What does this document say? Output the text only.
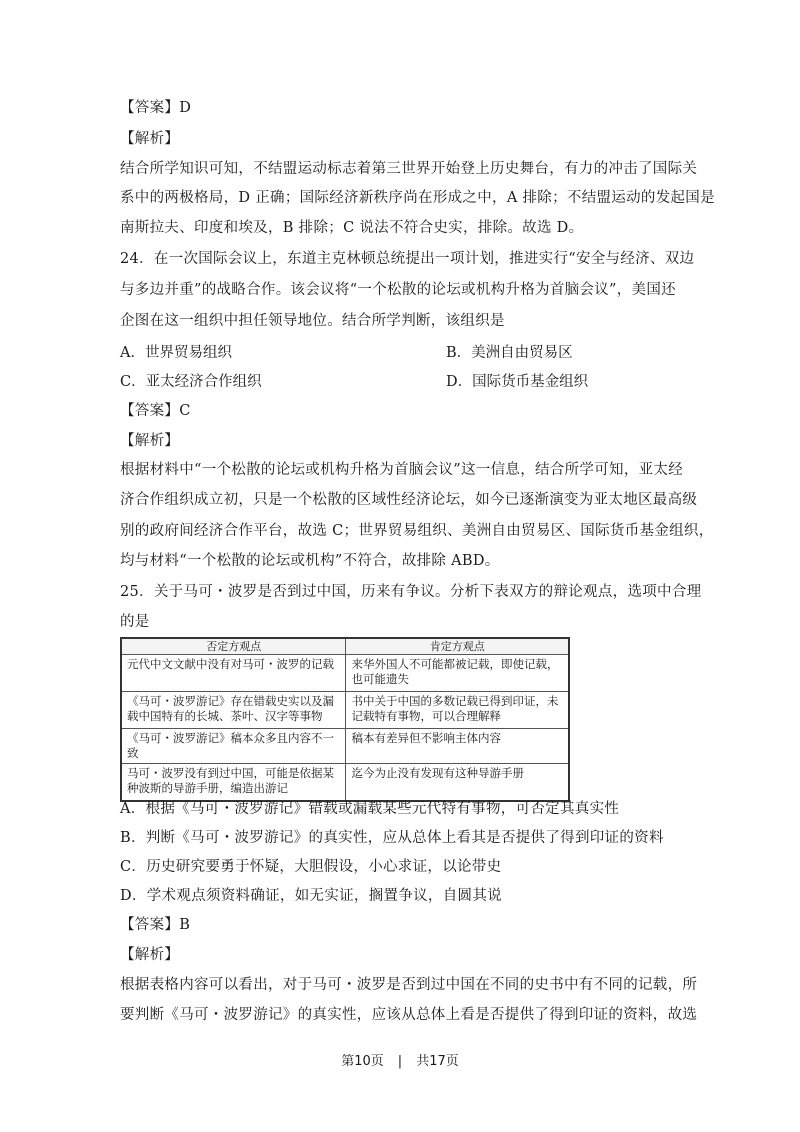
【答案】D
【解析】
结合所学知识可知，不结盟运动标志着第三世界开始登上历史舞台，有力的冲击了国际关
系中的两极格局，D 正确；国际经济新秩序尚在形成之中，A 排除；不结盟运动的发起国是
南斯拉夫、印度和埃及，B 排除；C 说法不符合史实，排除。故选 D。
24．在一次国际会议上，东道主克林顿总统提出一项计划，推进实行“安全与经济、双边
与多边并重”的战略合作。该会议将“一个松散的论坛或机构升格为首脑会议”，美国还
企图在这一组织中担任领导地位。结合所学判断，该组织是
A．世界贸易组织	B．美洲自由贸易区
C．亚太经济合作组织	D．国际货币基金组织
【答案】C
【解析】
根据材料中“一个松散的论坛或机构升格为首脑会议”这一信息，结合所学可知，亚太经
济合作组织成立初，只是一个松散的区域性经济论坛，如今已逐渐演变为亚太地区最高级
别的政府间经济合作平台，故选 C；世界贸易组织、美洲自由贸易区、国际货币基金组织，
均与材料“一个松散的论坛或机构”不符合，故排除 ABD。
25．关于马可・波罗是否到过中国，历来有争议。分析下表双方的辩论观点，选项中合理
的是
否定方观点	肯定方观点
元代中文文献中没有对马可・波罗的记载	来华外国人不可能都被记载，即使记载，也可能遗失
《马可・波罗游记》存在错载史实以及漏载中国特有的长城、茶叶、汉字等事物	书中关于中国的多数记载已得到印证，未记载特有事物，可以合理解释
《马可・波罗游记》稿本众多且内容不一致	稿本有差异但不影响主体内容
马可・波罗没有到过中国，可能是依据某种波斯的导游手册，编造出游记	迄今为止没有发现有这种导游手册
A．根据《马可・波罗游记》错载或漏载某些元代特有事物，可否定其真实性
B．判断《马可・波罗游记》的真实性，应从总体上看其是否提供了得到印证的资料
C．历史研究要勇于怀疑，大胆假设，小心求证，以论带史
D．学术观点须资料确证，如无实证，搁置争议，自圆其说
【答案】B
【解析】
根据表格内容可以看出，对于马可・波罗是否到过中国在不同的史书中有不同的记载，所
要判断《马可・波罗游记》的真实性，应该从总体上看是否提供了得到印证的资料，故选
第10页 | 共17页
